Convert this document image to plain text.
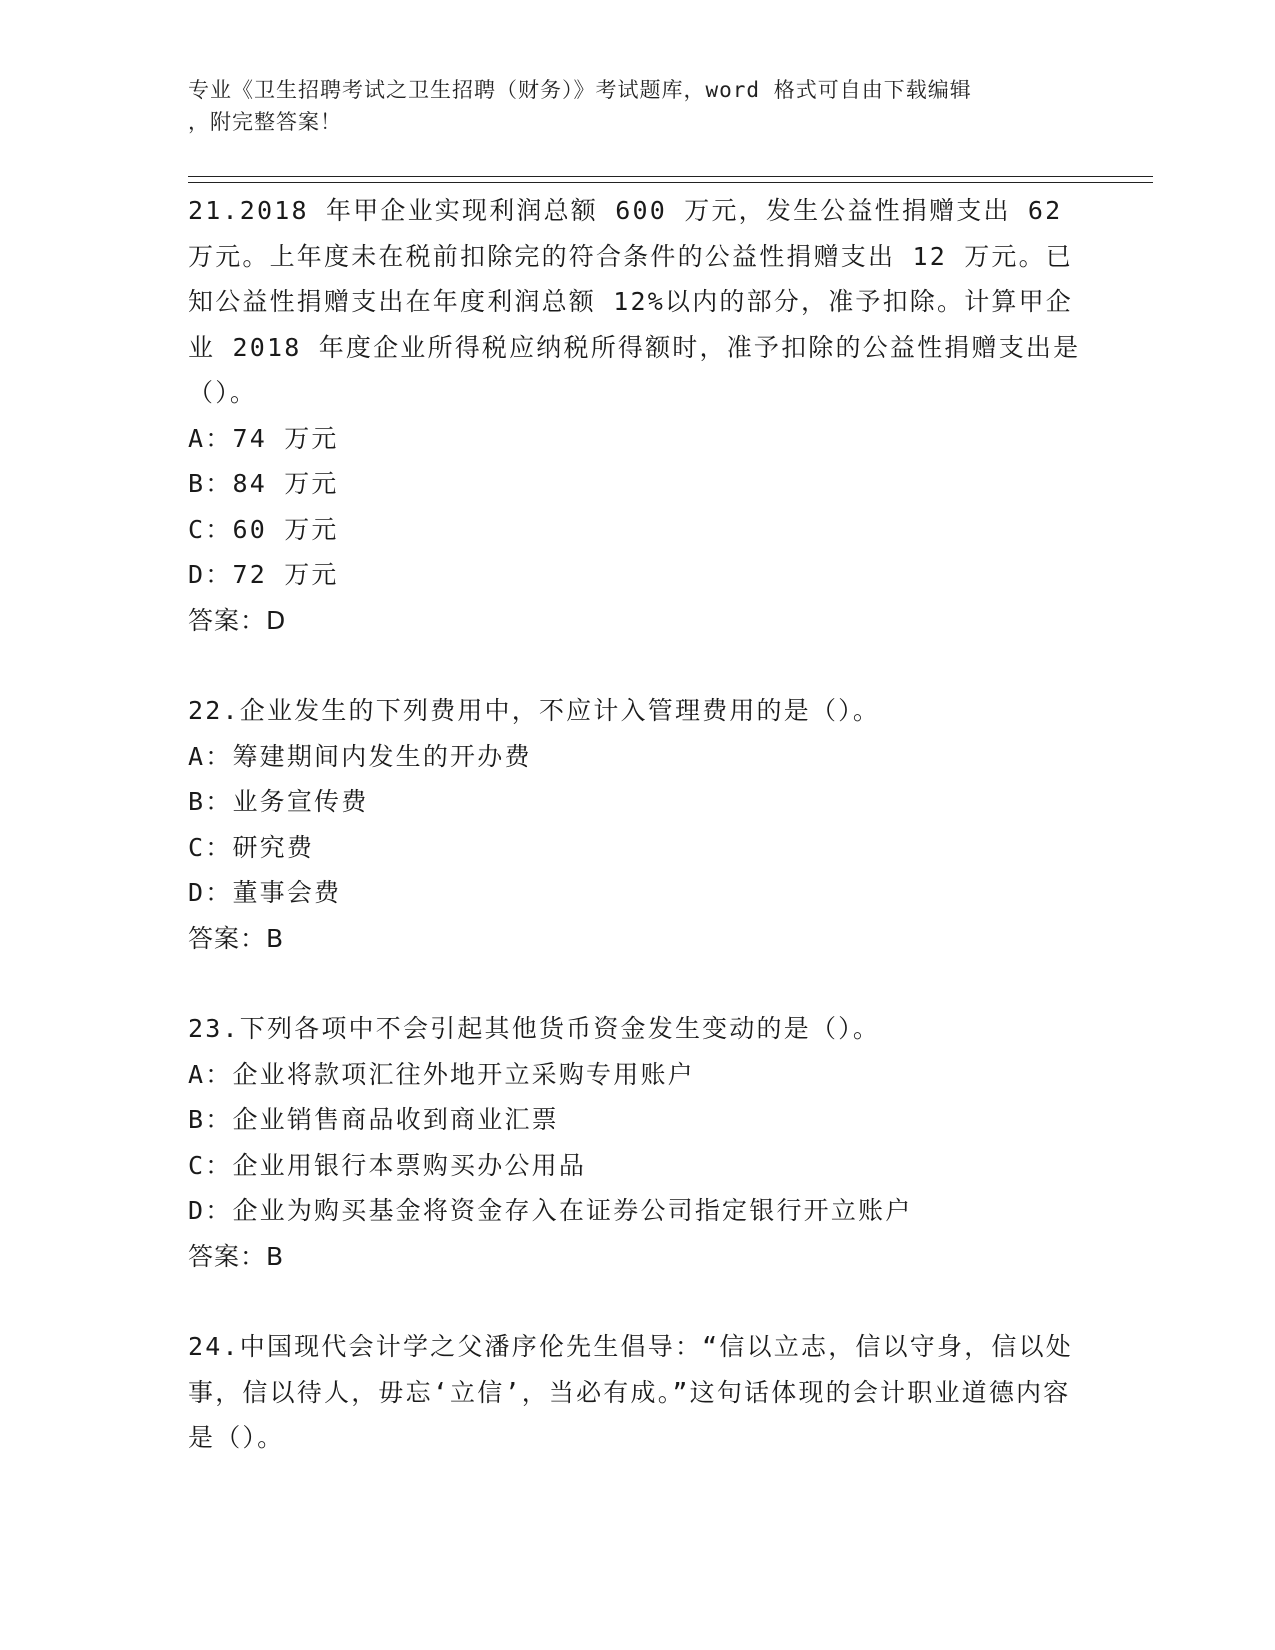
专业《卫生招聘考试之卫生招聘（财务）》考试题库，word 格式可自由下载编辑
，附完整答案！

21.2018 年甲企业实现利润总额 600 万元，发生公益性捐赠支出 62 万元。上年度未在税前扣除完的符合条件的公益性捐赠支出 12 万元。已知公益性捐赠支出在年度利润总额 12%以内的部分，准予扣除。计算甲企业 2018 年度企业所得税应纳税所得额时，准予扣除的公益性捐赠支出是（）。

A：74 万元

B：84 万元

C：60 万元

D：72 万元

答案：D

22.企业发生的下列费用中，不应计入管理费用的是（）。

A：筹建期间内发生的开办费

B：业务宣传费

C：研究费

D：董事会费

答案：B

23.下列各项中不会引起其他货币资金发生变动的是（）。

A：企业将款项汇往外地开立采购专用账户

B：企业销售商品收到商业汇票

C：企业用银行本票购买办公用品

D：企业为购买基金将资金存入在证券公司指定银行开立账户

答案：B

24.中国现代会计学之父潘序伦先生倡导：“信以立志，信以守身，信以处事，信以待人，毋忘‘立信’，当必有成。”这句话体现的会计职业道德内容是（）。
